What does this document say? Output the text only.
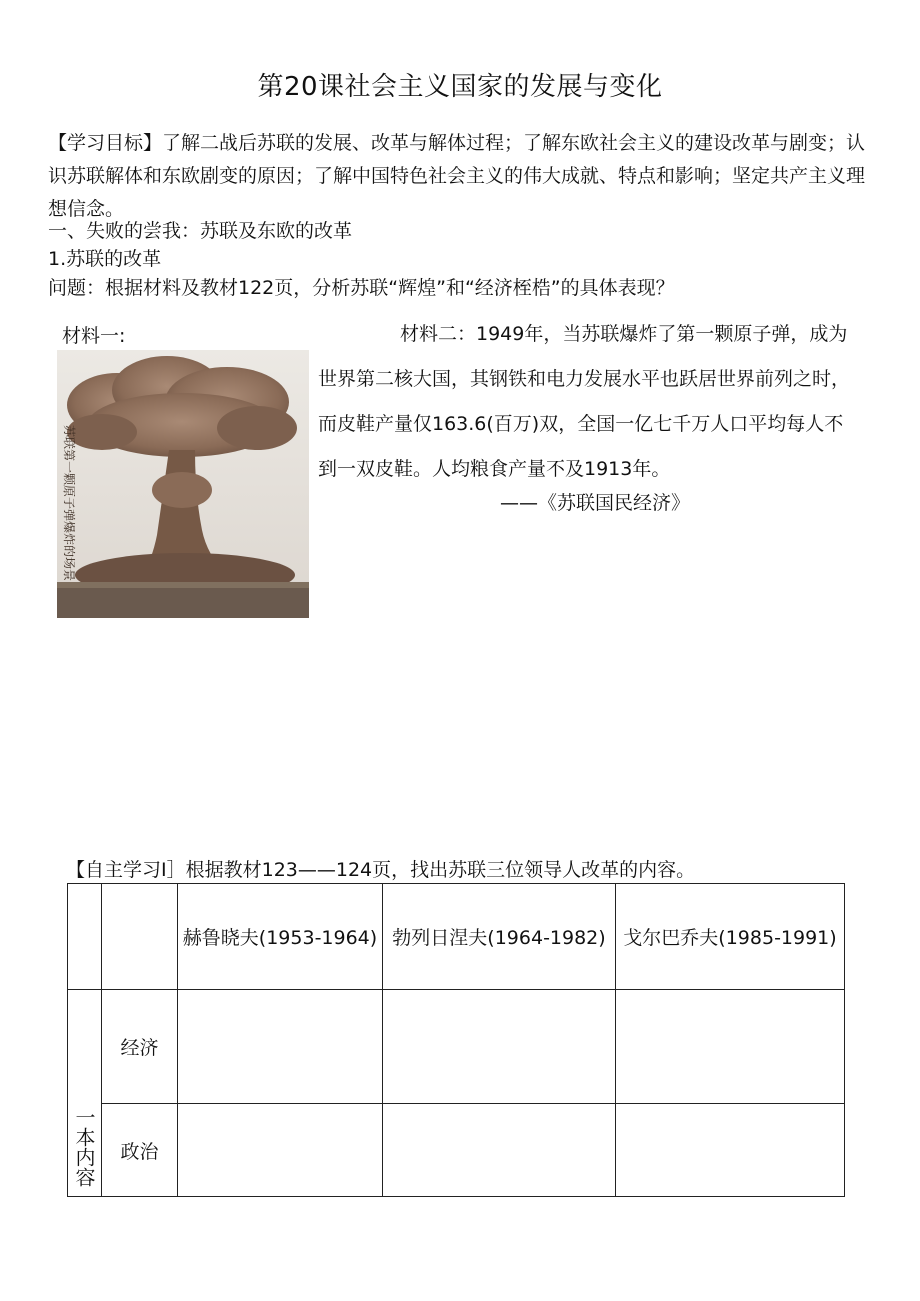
第20课社会主义国家的发展与变化
【学习目标】了解二战后苏联的发展、改革与解体过程；了解东欧社会主义的建设改革与剧变；认识苏联解体和东欧剧变的原因；了解中国特色社会主义的伟大成就、特点和影响；坚定共产主义理想信念。
一、失败的尝我：苏联及东欧的改革
1.苏联的改革
问题：根据材料及教材122页，分析苏联“辉煌”和“经济桎梏”的具体表现？
材料一:
苏联第一颗原子弹爆炸的场景
材料二：1949年，当苏联爆炸了第一颗原子弹，成为
世界第二核大国，其钢铁和电力发展水平也跃居世界前列之时，
而皮鞋产量仅163.6(百万)双，全国一亿七千万人口平均每人不
到一双皮鞋。人均粮食产量不及1913年。
——《苏联国民经济》
【自主学习I］根据教材123——124页，找出苏联三位领导人改革的内容。
		赫鲁晓夫(1953-1964)	勃列日涅夫(1964-1982)	戈尔巴乔夫(1985-1991)
一本内容	经济			
	政治			
